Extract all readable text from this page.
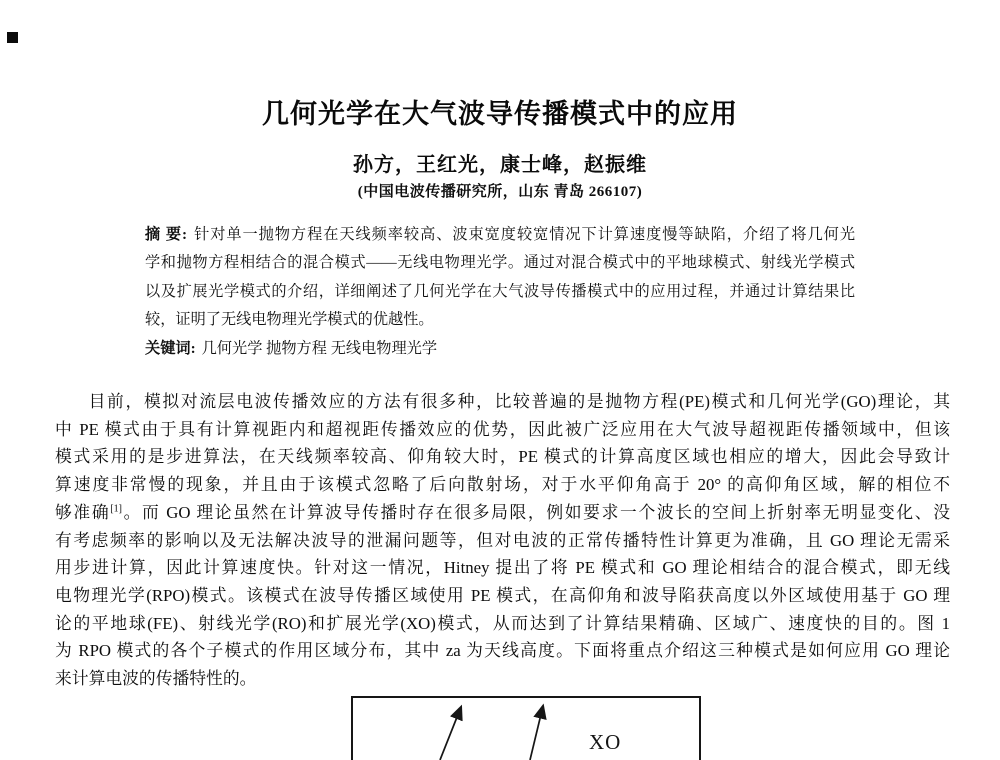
几何光学在大气波导传播模式中的应用
孙方，王红光，康士峰，赵振维
(中国电波传播研究所，山东 青岛 266107)
摘 要: 针对单一抛物方程在天线频率较高、波束宽度较宽情况下计算速度慢等缺陷，介绍了将几何光
学和抛物方程相结合的混合模式——无线电物理光学。通过对混合模式中的平地球模式、射线光学模式
以及扩展光学模式的介绍，详细阐述了几何光学在大气波导传播模式中的应用过程，并通过计算结果比
较，证明了无线电物理光学模式的优越性。
关键词: 几何光学 抛物方程 无线电物理光学
目前，模拟对流层电波传播效应的方法有很多种，比较普遍的是抛物方程(PE)模式和几何光学(GO)理论，其
中 PE 模式由于具有计算视距内和超视距传播效应的优势，因此被广泛应用在大气波导超视距传播领域中，但该
模式采用的是步进算法，在天线频率较高、仰角较大时，PE 模式的计算高度区域也相应的增大，因此会导致计
算速度非常慢的现象，并且由于该模式忽略了后向散射场，对于水平仰角高于 20° 的高仰角区域，解的相位不
够准确[1]。而 GO 理论虽然在计算波导传播时存在很多局限，例如要求一个波长的空间上折射率无明显变化、没
有考虑频率的影响以及无法解决波导的泄漏问题等，但对电波的正常传播特性计算更为准确，且 GO 理论无需采
用步进计算，因此计算速度快。针对这一情况，Hitney 提出了将 PE 模式和 GO 理论相结合的混合模式，即无线
电物理光学(RPO)模式。该模式在波导传播区域使用 PE 模式，在高仰角和波导陷获高度以外区域使用基于 GO 理
论的平地球(FE)、射线光学(RO)和扩展光学(XO)模式，从而达到了计算结果精确、区域广、速度快的目的。图 1
为 RPO 模式的各个子模式的作用区域分布，其中 za 为天线高度。下面将重点介绍这三种模式是如何应用 GO 理论
来计算电波的传播特性的。
XO
